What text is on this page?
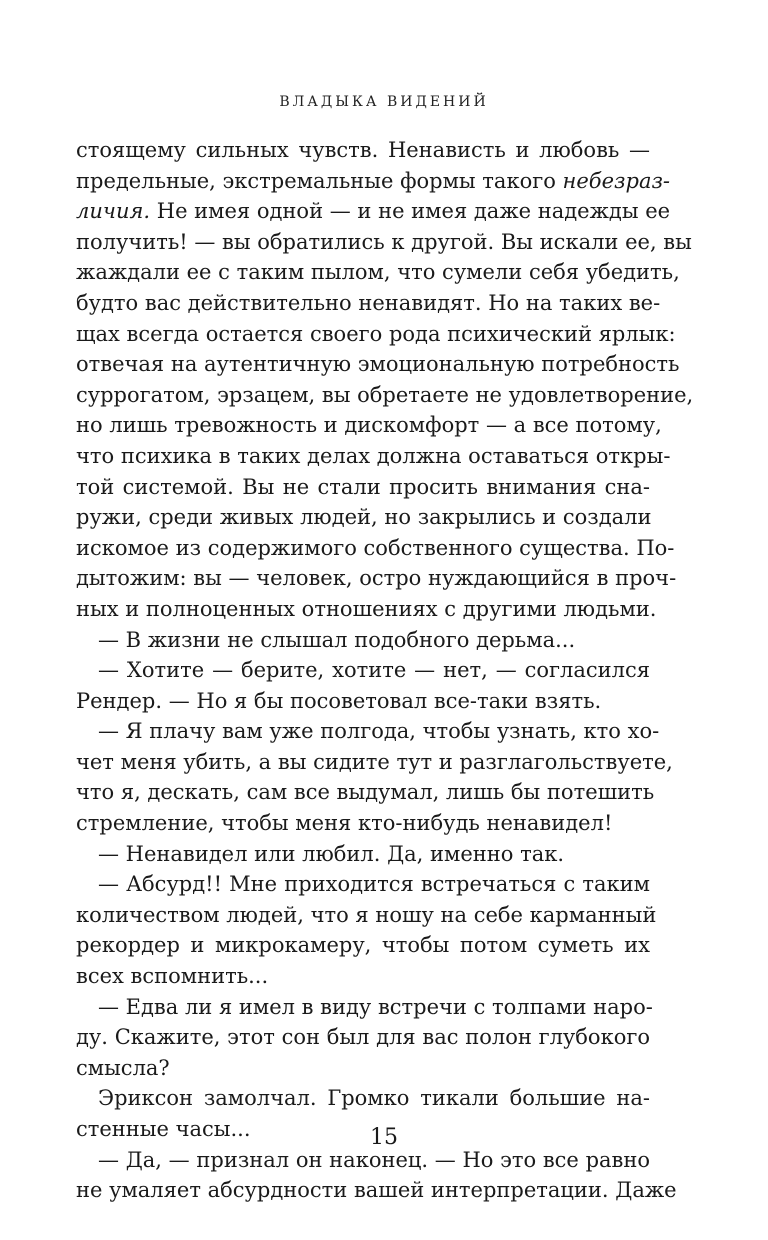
ВЛАДЫКА ВИДЕНИЙ
стоящему сильных чувств. Ненависть и любовь —
предельные, экстремальные формы такого небезраз-
личия. Не имея одной — и не имея даже надежды ее
получить! — вы обратились к другой. Вы искали ее, вы
жаждали ее с таким пылом, что сумели себя убедить,
будто вас действительно ненавидят. Но на таких ве-
щах всегда остается своего рода психический ярлык:
отвечая на аутентичную эмоциональную потребность
суррогатом, эрзацем, вы обретаете не удовлетворение,
но лишь тревожность и дискомфорт — а все потому,
что психика в таких делах должна оставаться откры-
той системой. Вы не стали просить внимания сна-
ружи, среди живых людей, но закрылись и создали
искомое из содержимого собственного существа. По-
дытожим: вы — человек, остро нуждающийся в проч-
ных и полноценных отношениях с другими людьми.
— В жизни не слышал подобного дерьма...
— Хотите — берите, хотите — нет, — согласился
Рендер. — Но я бы посоветовал все-таки взять.
— Я плачу вам уже полгода, чтобы узнать, кто хо-
чет меня убить, а вы сидите тут и разглагольствуете,
что я, дескать, сам все выдумал, лишь бы потешить
стремление, чтобы меня кто-нибудь ненавидел!
— Ненавидел или любил. Да, именно так.
— Абсурд!! Мне приходится встречаться с таким
количеством людей, что я ношу на себе карманный
рекордер и микрокамеру, чтобы потом суметь их
всех вспомнить...
— Едва ли я имел в виду встречи с толпами наро-
ду. Скажите, этот сон был для вас полон глубокого
смысла?
Эриксон замолчал. Громко тикали большие на-
стенные часы...
— Да, — признал он наконец. — Но это все равно
не умаляет абсурдности вашей интерпретации. Даже
15
